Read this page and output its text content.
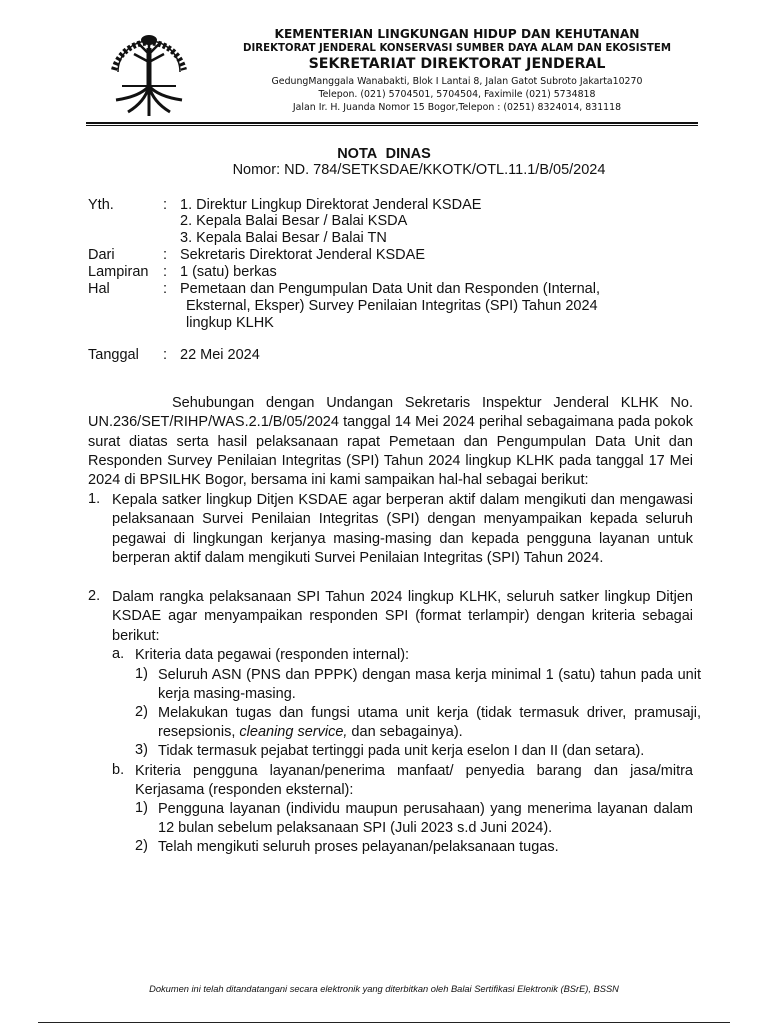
KEMENTERIAN LINGKUNGAN HIDUP DAN KEHUTANAN
DIREKTORAT JENDERAL KONSERVASI SUMBER DAYA ALAM DAN EKOSISTEM
SEKRETARIAT DIREKTORAT JENDERAL
GedungManggala Wanabakti, Blok I Lantai 8, Jalan Gatot Subroto Jakarta10270
Telepon. (021) 5704501, 5704504, Faximile (021) 5734818
Jalan Ir. H. Juanda Nomor 15 Bogor,Telepon : (0251) 8324014, 831118
NOTA DINAS
Nomor: ND. 784/SETKSDAE/KKOTK/OTL.11.1/B/05/2024
Yth.	: 1. Direktur Lingkup Direktorat Jenderal KSDAE
2. Kepala Balai Besar / Balai KSDA
3. Kepala Balai Besar / Balai TN
Dari	: Sekretaris Direktorat Jenderal KSDAE
Lampiran : 1 (satu) berkas
Hal	: Pemetaan dan Pengumpulan Data Unit dan Responden (Internal,
Eksternal, Eksper) Survey Penilaian Integritas (SPI) Tahun 2024
lingkup KLHK
Tanggal : 22 Mei 2024
Sehubungan dengan Undangan Sekretaris Inspektur Jenderal KLHK No. UN.236/SET/RIHP/WAS.2.1/B/05/2024 tanggal 14 Mei 2024 perihal sebagaimana pada pokok surat diatas serta hasil pelaksanaan rapat Pemetaan dan Pengumpulan Data Unit dan Responden Survey Penilaian Integritas (SPI) Tahun 2024 lingkup KLHK pada tanggal 17 Mei 2024 di BPSILHK Bogor, bersama ini kami sampaikan hal-hal sebagai berikut:
1. Kepala satker lingkup Ditjen KSDAE agar berperan aktif dalam mengikuti dan mengawasi pelaksanaan Survei Penilaian Integritas (SPI) dengan menyampaikan kepada seluruh pegawai di lingkungan kerjanya masing-masing dan kepada pengguna layanan untuk berperan aktif dalam mengikuti Survei Penilaian Integritas (SPI) Tahun 2024.
2. Dalam rangka pelaksanaan SPI Tahun 2024 lingkup KLHK, seluruh satker lingkup Ditjen KSDAE agar menyampaikan responden SPI (format terlampir) dengan kriteria sebagai berikut:
a. Kriteria data pegawai (responden internal):
1) Seluruh ASN (PNS dan PPPK) dengan masa kerja minimal 1 (satu) tahun pada unit kerja masing-masing.
2) Melakukan tugas dan fungsi utama unit kerja (tidak termasuk driver, pramusaji, resepsionis, cleaning service, dan sebagainya).
3) Tidak termasuk pejabat tertinggi pada unit kerja eselon I dan II (dan setara).
b. Kriteria pengguna layanan/penerima manfaat/ penyedia barang dan jasa/mitra Kerjasama (responden eksternal):
1) Pengguna layanan (individu maupun perusahaan) yang menerima layanan dalam 12 bulan sebelum pelaksanaan SPI (Juli 2023 s.d Juni 2024).
2) Telah mengikuti seluruh proses pelayanan/pelaksanaan tugas.
Dokumen ini telah ditandatangani secara elektronik yang diterbitkan oleh Balai Sertifikasi Elektronik (BSrE), BSSN
